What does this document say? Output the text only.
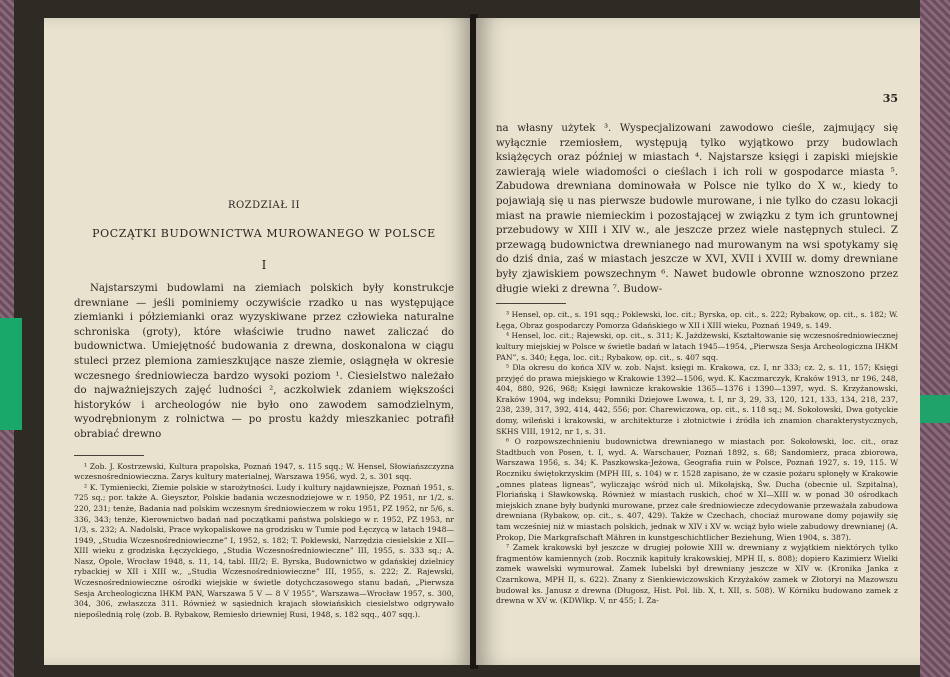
ROZDZIAŁ II
POCZĄTKI BUDOWNICTWA MUROWANEGO W POLSCE
I

Najstarszymi budowlami na ziemiach polskich były konstrukcje drewniane — jeśli pominiemy oczywiście rzadko u nas występujące ziemianki i półziemianki oraz wyzyskiwane przez człowieka naturalne schroniska (groty), które właściwie trudno nawet zaliczać do budownictwa. Umiejętność budowania z drewna, doskonalona w ciągu stuleci przez plemiona zamieszkujące nasze ziemie, osiągnęła w okresie wczesnego średniowiecza bardzo wysoki poziom ¹. Ciesielstwo należało do najważniejszych zajęć ludności ², aczkolwiek zdaniem większości historyków i archeologów nie było ono zawodem samodzielnym, wyodrębnionym z rolnictwa — po prostu każdy mieszkaniec potrafił obrabiać drewno

¹ Zob. J. Kostrzewski, Kultura prapolska, Poznań 1947, s. 115 sqq.; W. Hensel, Słowiańszczyzna wczesnośredniowieczna. Zarys kultury materialnej, Warszawa 1956, wyd. 2, s. 301 sqq.

² K. Tymieniecki, Ziemie polskie w starożytności. Ludy i kultury najdawniejsze, Poznań 1951, s. 725 sq.; por. także A. Gieysztor, Polskie badania wczesnodziejowe w r. 1950, PZ 1951, nr 1/2, s. 220, 231; tenże, Badania nad polskim wczesnym średniowieczem w roku 1951, PZ 1952, nr 5/6, s. 336, 343; tenże, Kierownictwo badań nad początkami państwa polskiego w r. 1952, PZ 1953, nr 1/3, s. 232; A. Nadolski, Prace wykopaliskowe na grodzisku w Tumie pod Łęczycą w latach 1948—1949, „Studia Wczesnośredniowieczne” I, 1952, s. 182; T. Poklewski, Narzędzia ciesielskie z XII—XIII wieku z grodziska Łęczyckiego, „Studia Wczesnośredniowieczne” III, 1955, s. 333 sq.; A. Nasz, Opole, Wrocław 1948, s. 11, 14, tabl. III/2; E. Byrska, Budownictwo w gdańskiej dzielnicy rybackiej w XII i XIII w., „Studia Wczesnośredniowieczne” III, 1955, s. 222; Z. Rajewski, Wczesnośredniowieczne ośrodki wiejskie w świetle dotychczasowego stanu badań, „Pierwsza Sesja Archeologiczna IHKM PAN, Warszawa 5 V — 8 V 1955”, Warszawa—Wrocław 1957, s. 300, 304, 306, zwłaszcza 311. Również w sąsiednich krajach słowiańskich ciesielstwo odgrywało niepoślednią rolę (zob. B. Rybakow, Remiesło driewniej Rusi, 1948, s. 182 sqq., 407 sqq.).

35

na własny użytek ³. Wyspecjalizowani zawodowo cieśle, zajmujący się wyłącznie rzemiosłem, występują tylko wyjątkowo przy budowlach książęcych oraz później w miastach ⁴. Najstarsze księgi i zapiski miejskie zawierają wiele wiadomości o cieślach i ich roli w gospodarce miasta ⁵. Zabudowa drewniana dominowała w Polsce nie tylko do X w., kiedy to pojawiają się u nas pierwsze budowle murowane, i nie tylko do czasu lokacji miast na prawie niemieckim i pozostającej w związku z tym ich gruntownej przebudowy w XIII i XIV w., ale jeszcze przez wiele następnych stuleci. Z przewagą budownictwa drewnianego nad murowanym na wsi spotykamy się do dziś dnia, zaś w miastach jeszcze w XVI, XVII i XVIII w. domy drewniane były zjawiskiem powszechnym ⁶. Nawet budowle obronne wznoszono przez długie wieki z drewna ⁷. Budow-

³ Hensel, op. cit., s. 191 sqq.; Poklewski, loc. cit.; Byrska, op. cit., s. 222; Rybakow, op. cit., s. 182; W. Łęga, Obraz gospodarczy Pomorza Gdańskiego w XII i XIII wieku, Poznań 1949, s. 149.

⁴ Hensel, loc. cit.; Rajewski, op. cit., s. 311; K. Jażdżewski, Kształtowanie się wczesnośredniowiecznej kultury miejskiej w Polsce w świetle badań w latach 1945—1954, „Pierwsza Sesja Archeologiczna IHKM PAN”, s. 340; Łęga, loc. cit.; Rybakow, op. cit., s. 407 sqq.

⁵ Dla okresu do końca XIV w. zob. Najst. księgi m. Krakowa, cz. I, nr 333; cz. 2, s. 11, 157; Księgi przyjęć do prawa miejskiego w Krakowie 1392—1506, wyd. K. Kaczmarczyk, Kraków 1913, nr 196, 248, 404, 880, 926, 968; Księgi ławnicze krakowskie 1365—1376 i 1390—1397, wyd. S. Krzyżanowski, Kraków 1904, wg indeksu; Pomniki Dziejowe Lwowa, t. I, nr 3, 29, 33, 120, 121, 133, 134, 218, 237, 238, 239, 317, 392, 414, 442, 556; por. Charewiczowa, op. cit., s. 118 sq.; M. Sokołowski, Dwa gotyckie domy, wileński i krakowski, w architekturze i złotnictwie i źródła ich znamion charakterystycznych, SKHS VIII, 1912, nr 1, s. 31.

⁶ O rozpowszechnieniu budownictwa drewnianego w miastach por. Sokołowski, loc. cit., oraz Stadtbuch von Posen, t. I, wyd. A. Warschauer, Poznań 1892, s. 68; Sandomierz, praca zbiorowa, Warszawa 1956, s. 34; K. Paszkowska-Jeżowa, Geografia ruin w Polsce, Poznań 1927, s. 19, 115. W Roczniku świętokrzyskim (MPH III, s. 104) w r. 1528 zapisano, że w czasie pożaru spłonęły w Krakowie „omnes plateas ligneas”, wyliczając wśród nich ul. Mikołajską, Św. Ducha (obecnie ul. Szpitalna), Floriańską i Sławkowską. Również w miastach ruskich, choć w XI—XIII w. w ponad 30 ośrodkach miejskich znane były budynki murowane, przez całe średniowiecze zdecydowanie przeważała zabudowa drewniana (Rybakow, op. cit., s. 407, 429). Także w Czechach, chociaż murowane domy pojawiły się tam wcześniej niż w miastach polskich, jednak w XIV i XV w. wciąż było wiele zabudowy drewnianej (A. Prokop, Die Markgrafschaft Mähren in kunstgeschichtlicher Beziehung, Wien 1904, s. 387).

⁷ Zamek krakowski był jeszcze w drugiej połowie XIII w. drewniany z wyjątkiem niektórych tylko fragmentów kamiennych (zob. Rocznik kapituły krakowskiej, MPH II, s. 808); dopiero Kazimierz Wielki zamek wawelski wymurował. Zamek lubelski był drewniany jeszcze w XIV w. (Kronika Janka z Czarnkowa, MPH II, s. 622). Znany z Sienkiewiczowskich Krzyżaków zamek w Złotoryi na Mazowszu budował ks. Janusz z drewna (Długosz, Hist. Pol. lib. X, t. XII, s. 508). W Kórniku budowano zamek z drewna w XV w. (KDWlkp. V, nr 455; I. Za-
